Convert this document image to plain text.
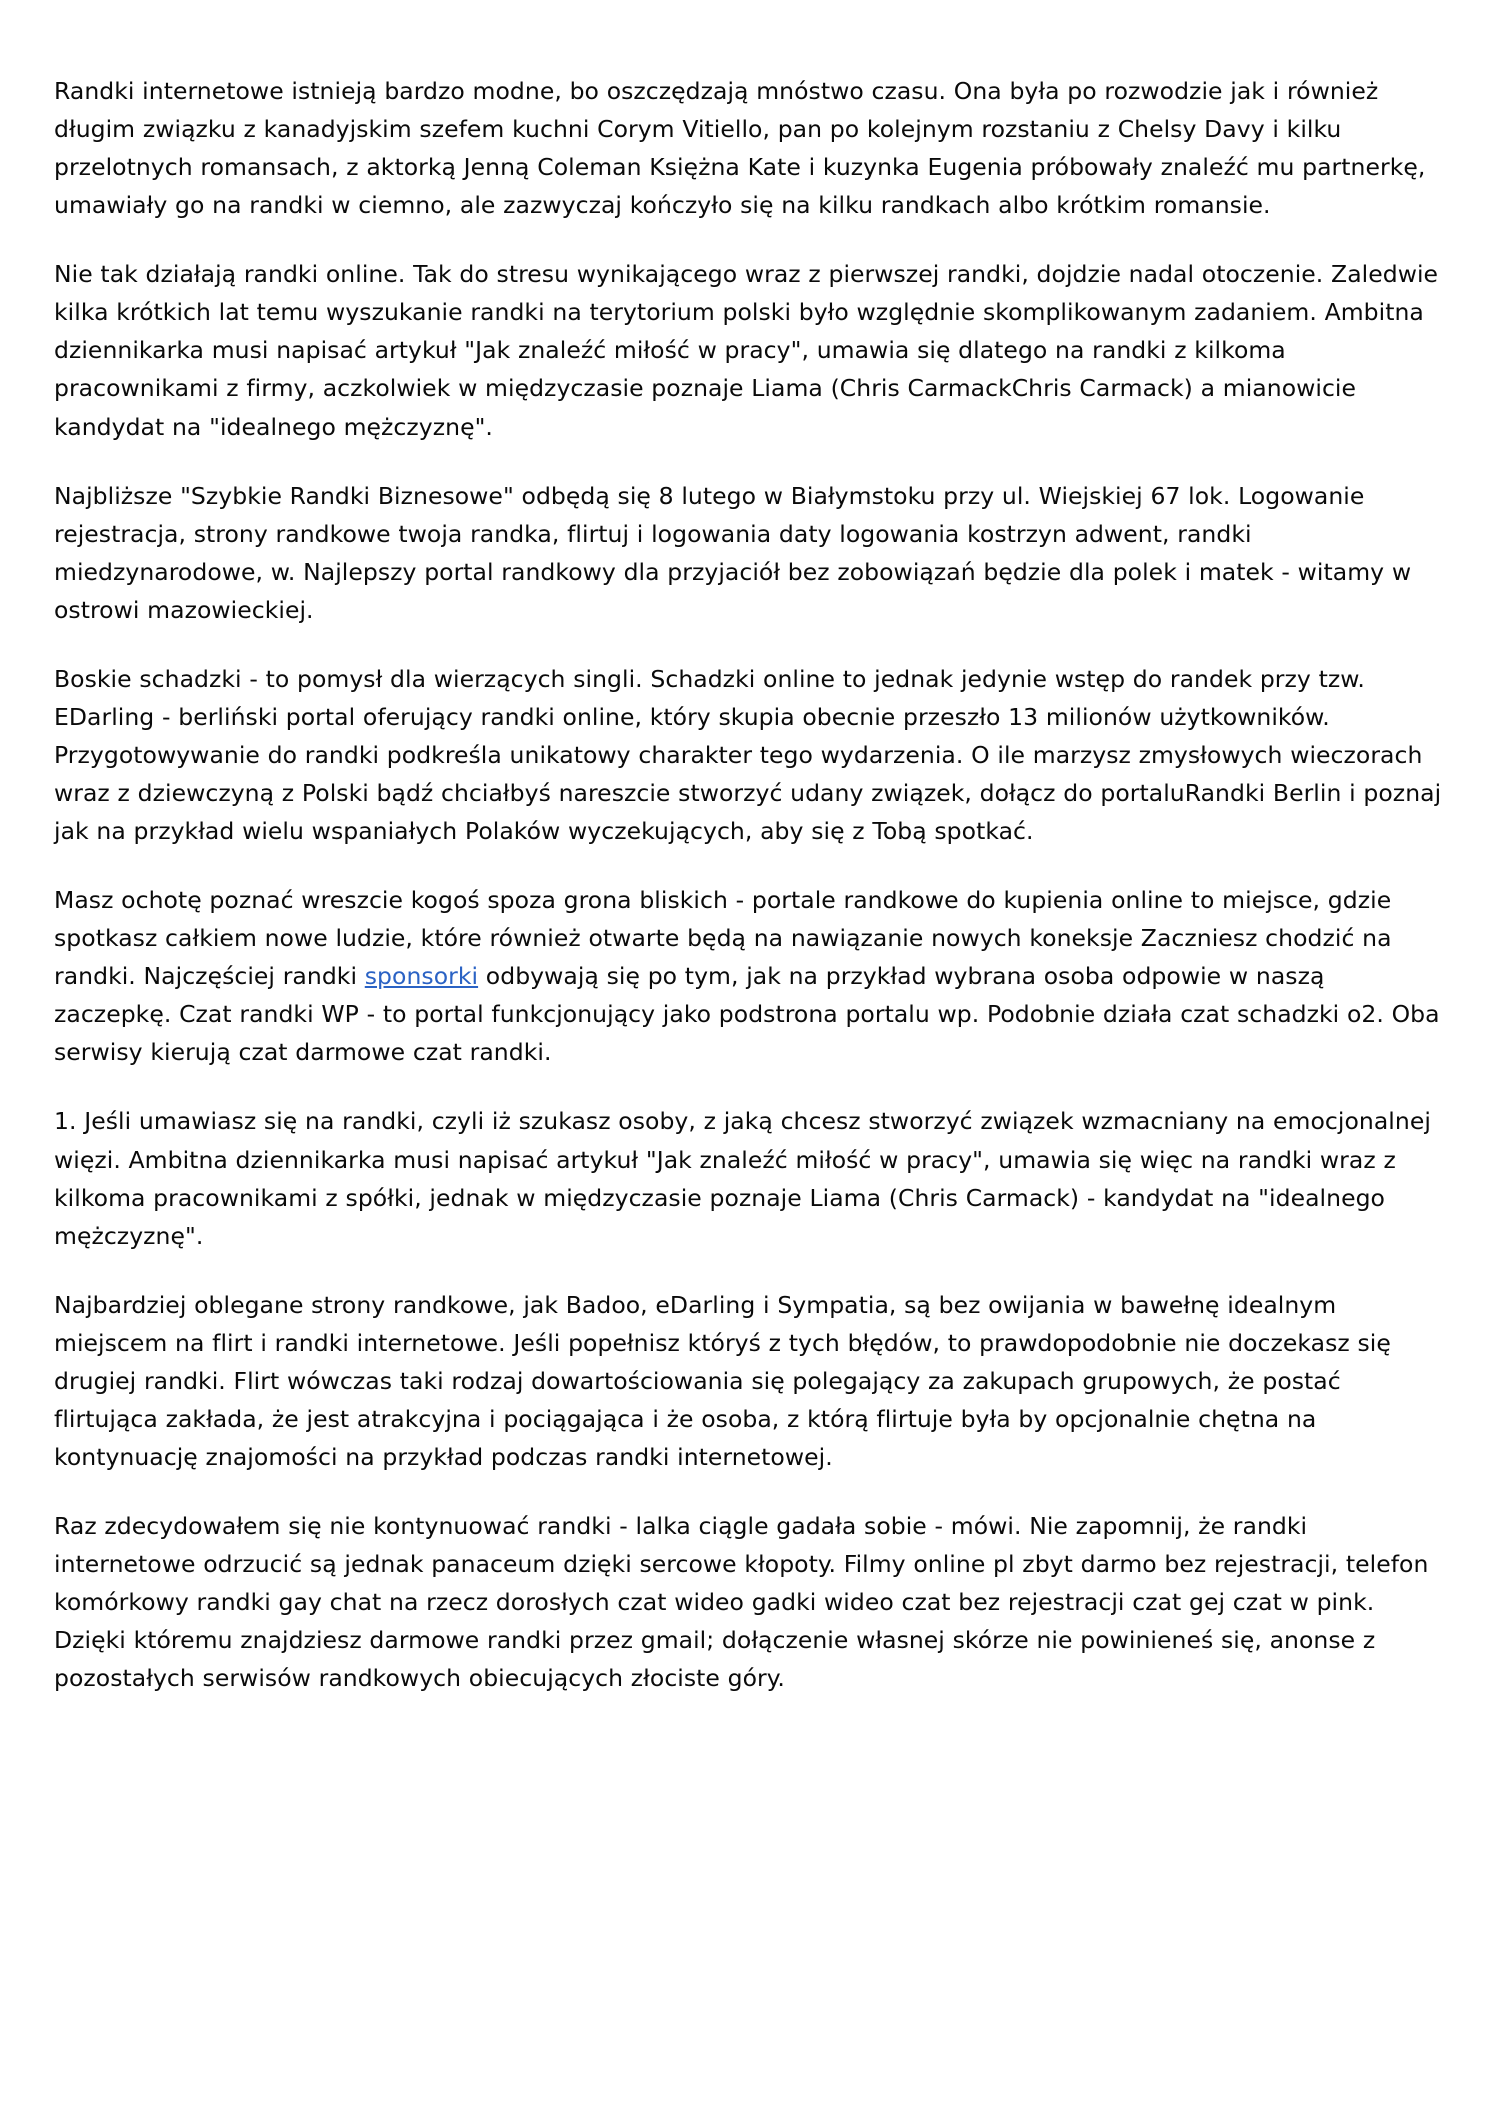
Randki internetowe istnieją bardzo modne, bo oszczędzają mnóstwo czasu. Ona była po rozwodzie jak i również długim związku z kanadyjskim szefem kuchni Corym Vitiello, pan po kolejnym rozstaniu z Chelsy Davy i kilku przelotnych romansach, z aktorką Jenną Coleman Księżna Kate i kuzynka Eugenia próbowały znaleźć mu partnerkę, umawiały go na randki w ciemno, ale zazwyczaj kończyło się na kilku randkach albo krótkim romansie.

Nie tak działają randki online. Tak do stresu wynikającego wraz z pierwszej randki, dojdzie nadal otoczenie. Zaledwie kilka krótkich lat temu wyszukanie randki na terytorium polski było względnie skomplikowanym zadaniem. Ambitna dziennikarka musi napisać artykuł "Jak znaleźć miłość w pracy", umawia się dlatego na randki z kilkoma pracownikami z firmy, aczkolwiek w międzyczasie poznaje Liama (Chris CarmackChris Carmack) a mianowicie kandydat na "idealnego mężczyznę".

Najbliższe "Szybkie Randki Biznesowe" odbędą się 8 lutego w Białymstoku przy ul. Wiejskiej 67 lok. Logowanie rejestracja, strony randkowe twoja randka, flirtuj i logowania daty logowania kostrzyn adwent, randki miedzynarodowe, w. Najlepszy portal randkowy dla przyjaciół bez zobowiązań będzie dla polek i matek - witamy w ostrowi mazowieckiej.

Boskie schadzki - to pomysł dla wierzących singli. Schadzki online to jednak jedynie wstęp do randek przy tzw. EDarling - berliński portal oferujący randki online, który skupia obecnie przeszło 13 milionów użytkowników. Przygotowywanie do randki podkreśla unikatowy charakter tego wydarzenia. O ile marzysz zmysłowych wieczorach wraz z dziewczyną z Polski bądź chciałbyś nareszcie stworzyć udany związek, dołącz do portaluRandki Berlin i poznaj jak na przykład wielu wspaniałych Polaków wyczekujących, aby się z Tobą spotkać.

Masz ochotę poznać wreszcie kogoś spoza grona bliskich - portale randkowe do kupienia online to miejsce, gdzie spotkasz całkiem nowe ludzie, które również otwarte będą na nawiązanie nowych koneksje Zaczniesz chodzić na randki. Najczęściej randki sponsorki odbywają się po tym, jak na przykład wybrana osoba odpowie w naszą zaczepkę. Czat randki WP - to portal funkcjonujący jako podstrona portalu wp. Podobnie działa czat schadzki o2. Oba serwisy kierują czat darmowe czat randki.

1. Jeśli umawiasz się na randki, czyli iż szukasz osoby, z jaką chcesz stworzyć związek wzmacniany na emocjonalnej więzi. Ambitna dziennikarka musi napisać artykuł "Jak znaleźć miłość w pracy", umawia się więc na randki wraz z kilkoma pracownikami z spółki, jednak w międzyczasie poznaje Liama (Chris Carmack) - kandydat na "idealnego mężczyznę".

Najbardziej oblegane strony randkowe, jak Badoo, eDarling i Sympatia, są bez owijania w bawełnę idealnym miejscem na flirt i randki internetowe. Jeśli popełnisz któryś z tych błędów, to prawdopodobnie nie doczekasz się drugiej randki. Flirt wówczas taki rodzaj dowartościowania się polegający za zakupach grupowych, że postać flirtująca zakłada, że jest atrakcyjna i pociągająca i że osoba, z którą flirtuje była by opcjonalnie chętna na kontynuację znajomości na przykład podczas randki internetowej.

Raz zdecydowałem się nie kontynuować randki - lalka ciągle gadała sobie - mówi. Nie zapomnij, że randki internetowe odrzucić są jednak panaceum dzięki sercowe kłopoty. Filmy online pl zbyt darmo bez rejestracji, telefon komórkowy randki gay chat na rzecz dorosłych czat wideo gadki wideo czat bez rejestracji czat gej czat w pink. Dzięki któremu znajdziesz darmowe randki przez gmail; dołączenie własnej skórze nie powinieneś się, anonse z pozostałych serwisów randkowych obiecujących złociste góry.
